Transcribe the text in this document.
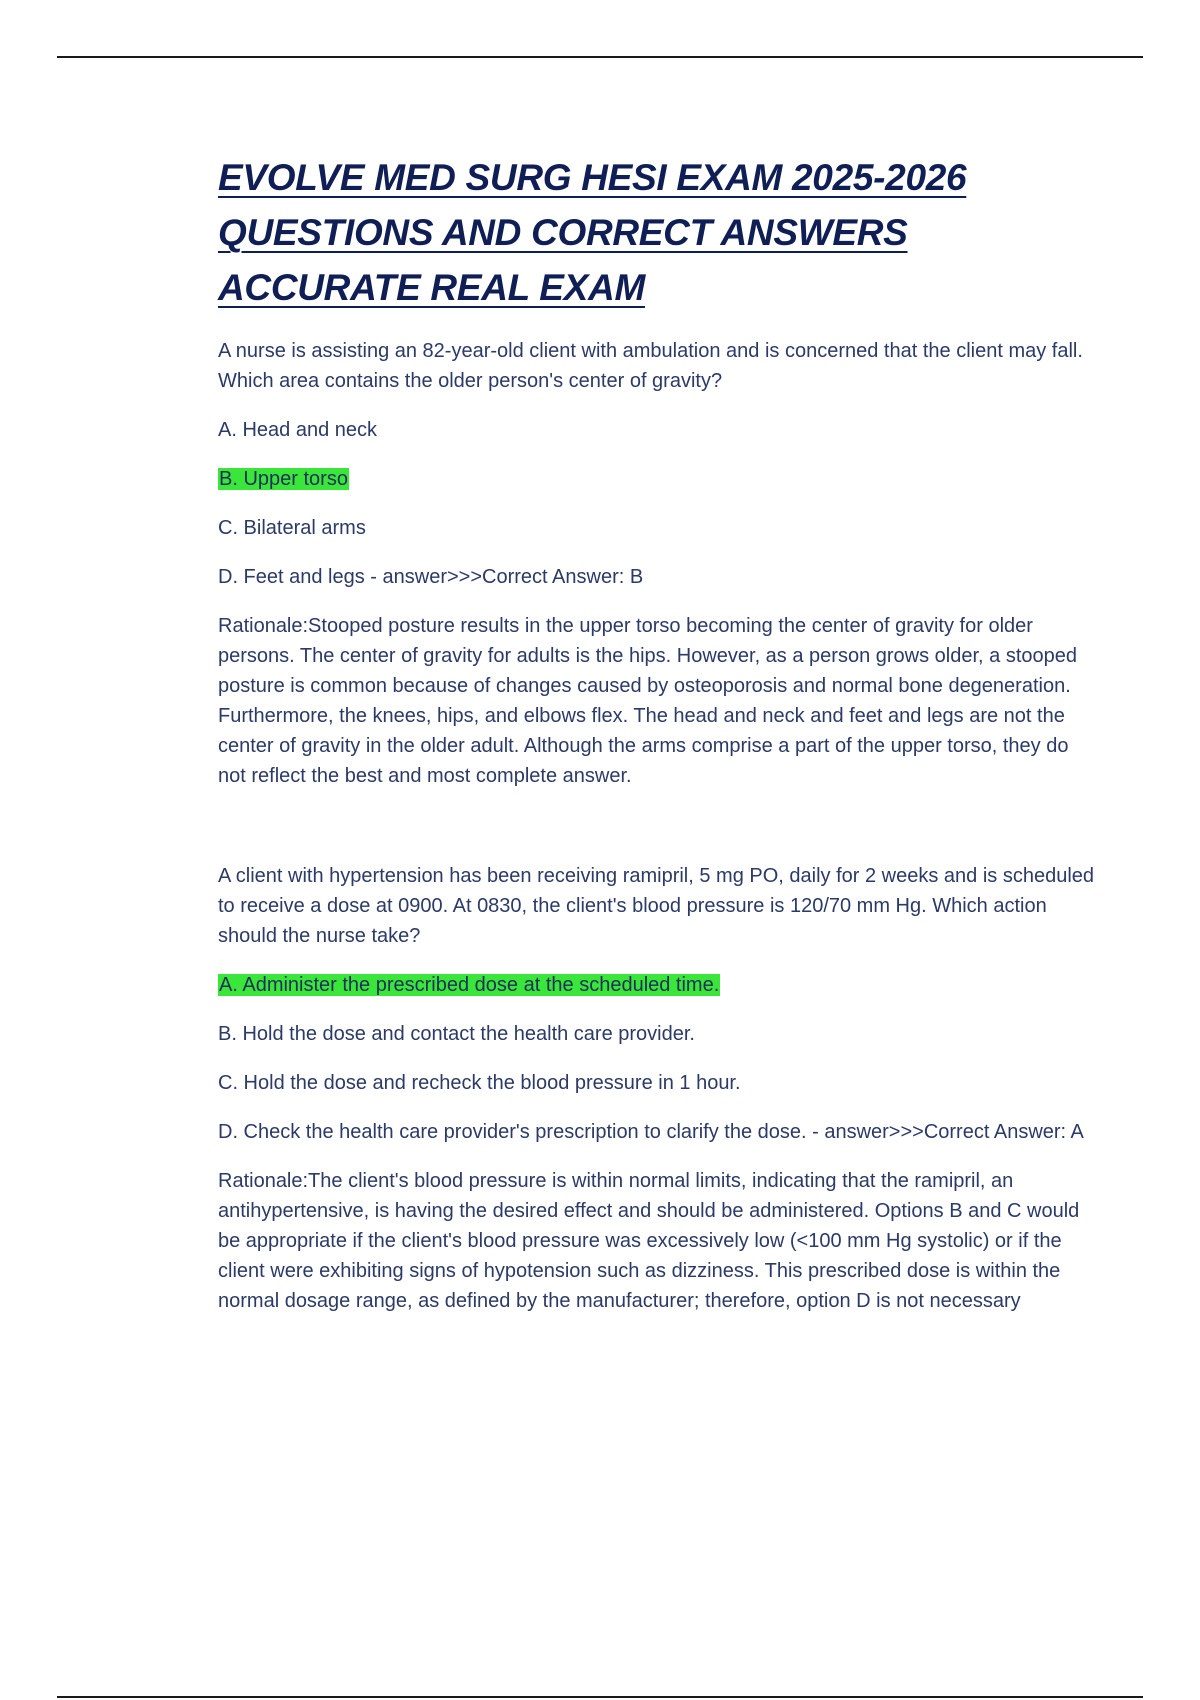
EVOLVE MED SURG HESI EXAM 2025-2026 QUESTIONS AND CORRECT ANSWERS ACCURATE REAL EXAM

A nurse is assisting an 82-year-old client with ambulation and is concerned that the client may fall. Which area contains the older person's center of gravity?

A. Head and neck

B. Upper torso

C. Bilateral arms

D. Feet and legs - answer>>>Correct Answer: B

Rationale:Stooped posture results in the upper torso becoming the center of gravity for older persons. The center of gravity for adults is the hips. However, as a person grows older, a stooped posture is common because of changes caused by osteoporosis and normal bone degeneration. Furthermore, the knees, hips, and elbows flex. The head and neck and feet and legs are not the center of gravity in the older adult. Although the arms comprise a part of the upper torso, they do not reflect the best and most complete answer.

A client with hypertension has been receiving ramipril, 5 mg PO, daily for 2 weeks and is scheduled to receive a dose at 0900. At 0830, the client's blood pressure is 120/70 mm Hg. Which action should the nurse take?

A. Administer the prescribed dose at the scheduled time.

B. Hold the dose and contact the health care provider.

C. Hold the dose and recheck the blood pressure in 1 hour.

D. Check the health care provider's prescription to clarify the dose. - answer>>>Correct Answer: A

Rationale:The client's blood pressure is within normal limits, indicating that the ramipril, an antihypertensive, is having the desired effect and should be administered. Options B and C would be appropriate if the client's blood pressure was excessively low (<100 mm Hg systolic) or if the client were exhibiting signs of hypotension such as dizziness. This prescribed dose is within the normal dosage range, as defined by the manufacturer; therefore, option D is not necessary
